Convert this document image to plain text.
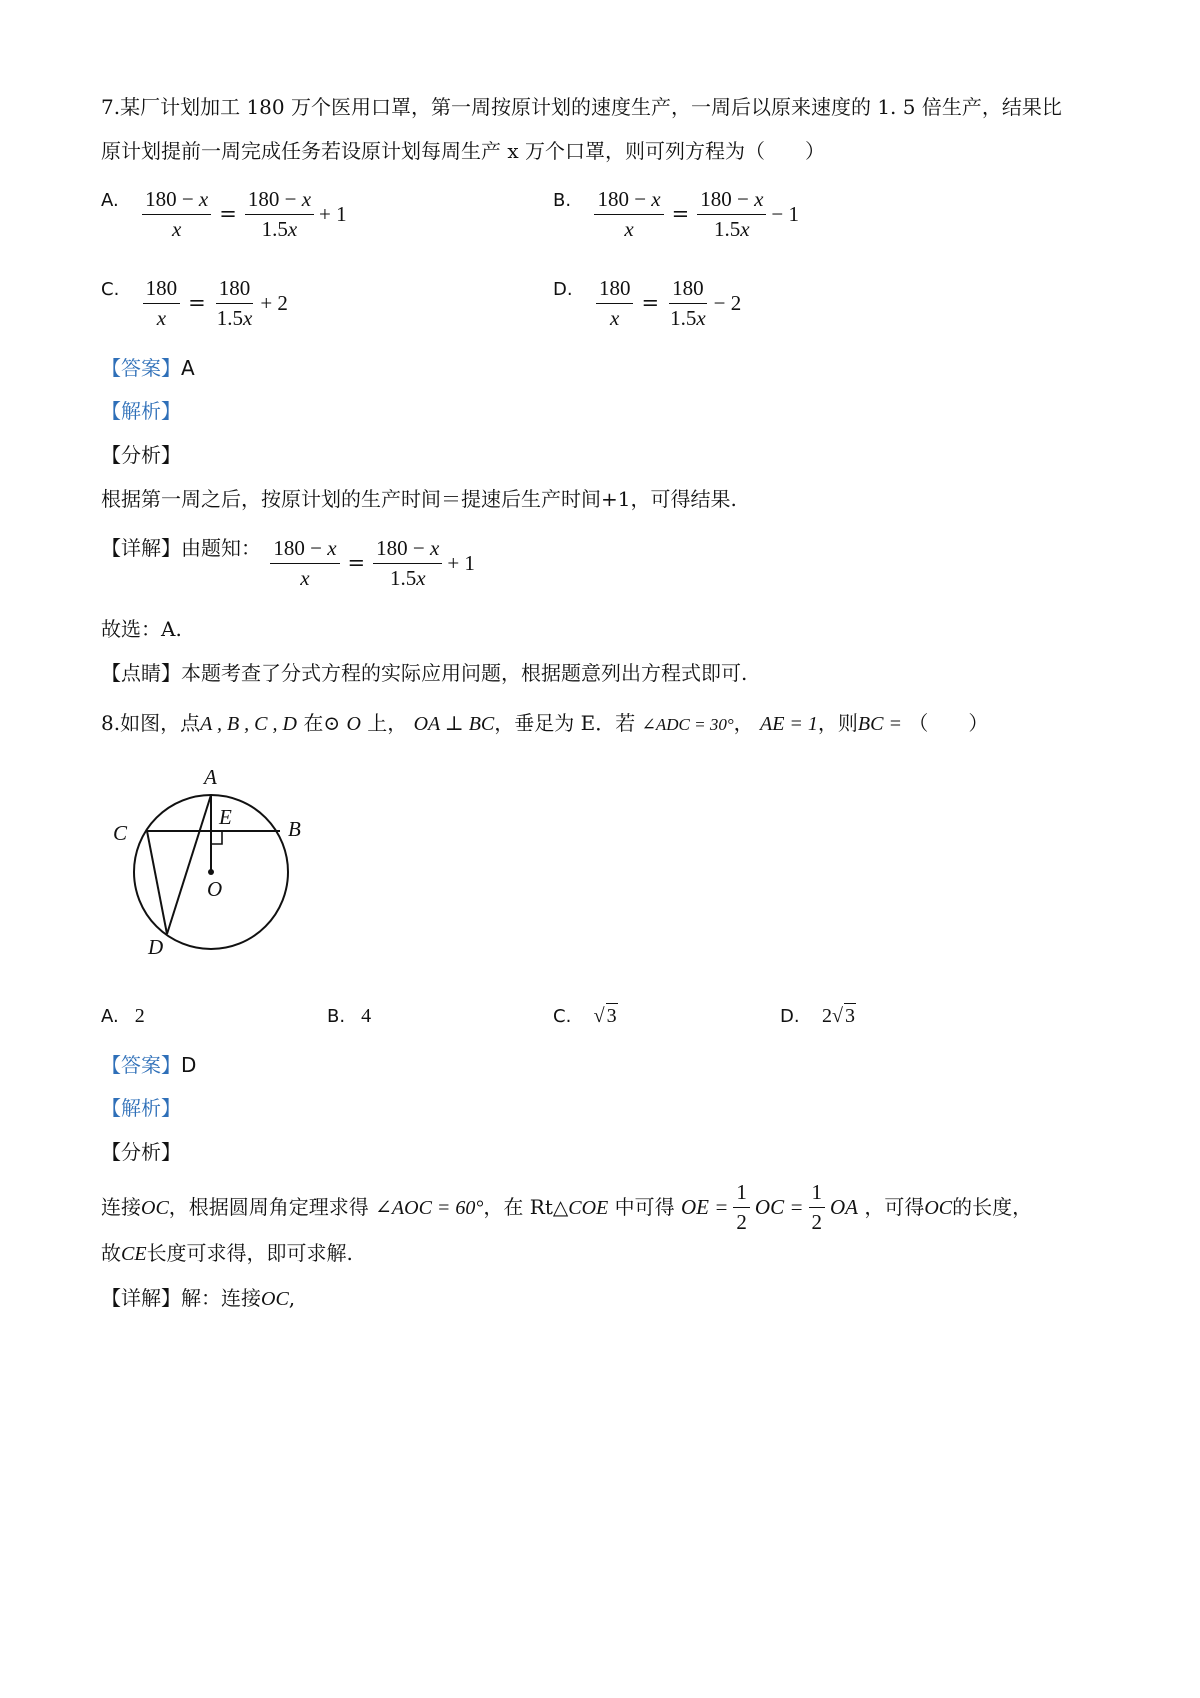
7.某厂计划加工 180 万个医用口罩，第一周按原计划的速度生产，一周后以原来速度的 1. 5 倍生产，结果比
原计划提前一周完成任务若设原计划每周生产 x 万个口罩，则可列方程为（　　）
A. $\frac{180 - x}{x} = \frac{180 - x}{1.5x} + 1$
B. $\frac{180 - x}{x} = \frac{180 - x}{1.5x} - 1$
C. $\frac{180}{x} = \frac{180}{1.5x} + 2$
D. $\frac{180}{x} = \frac{180}{1.5x} - 2$
【答案】A
【解析】
【分析】
根据第一周之后，按原计划的生产时间＝提速后生产时间+1，可得结果.
【详解】由题知： $\frac{180 - x}{x} = \frac{180 - x}{1.5x} + 1$
故选：A.
【点睛】本题考查了分式方程的实际应用问题，根据题意列出方程式即可.
8.如图，点A , B , C , D 在⊙ O 上， OA ⊥ BC，垂足为 E．若 ∠ADC = 30°， AE = 1，则BC = （　　）
A
B
C
D
E
O
A. 2	B. 4	C. √ 3	D. 2√ 3
【答案】D
【解析】
【分析】
连接OC，根据圆周角定理求得 ∠AOC = 60°，在 Rt△COE 中可得 OE = $\frac{1}{2}$ OC = $\frac{1}{2}$ OA ，可得OC的长度，
故CE长度可求得，即可求解.
【详解】解：连接OC,
